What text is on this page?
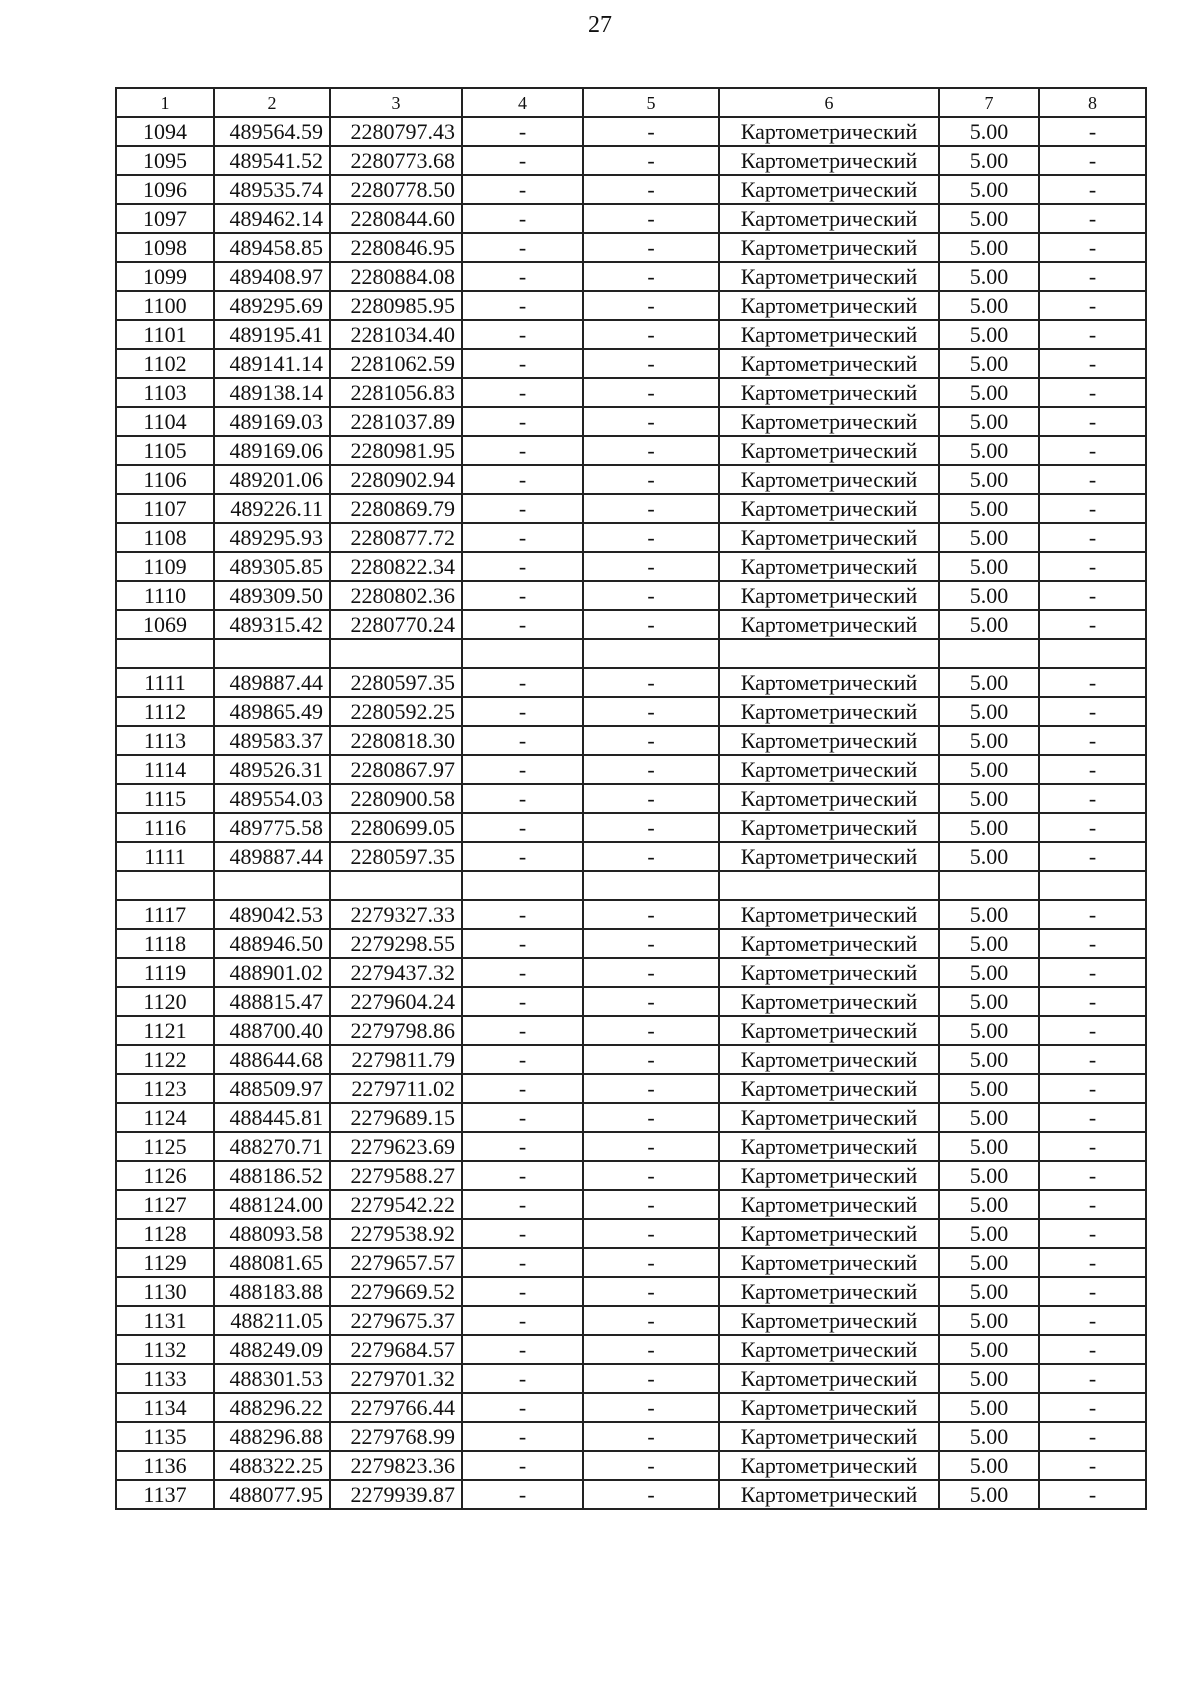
27
1	2	3	4	5	6	7	8
1094	489564.59	2280797.43	-	-	Картометрический	5.00	-
1095	489541.52	2280773.68	-	-	Картометрический	5.00	-
1096	489535.74	2280778.50	-	-	Картометрический	5.00	-
1097	489462.14	2280844.60	-	-	Картометрический	5.00	-
1098	489458.85	2280846.95	-	-	Картометрический	5.00	-
1099	489408.97	2280884.08	-	-	Картометрический	5.00	-
1100	489295.69	2280985.95	-	-	Картометрический	5.00	-
1101	489195.41	2281034.40	-	-	Картометрический	5.00	-
1102	489141.14	2281062.59	-	-	Картометрический	5.00	-
1103	489138.14	2281056.83	-	-	Картометрический	5.00	-
1104	489169.03	2281037.89	-	-	Картометрический	5.00	-
1105	489169.06	2280981.95	-	-	Картометрический	5.00	-
1106	489201.06	2280902.94	-	-	Картометрический	5.00	-
1107	489226.11	2280869.79	-	-	Картометрический	5.00	-
1108	489295.93	2280877.72	-	-	Картометрический	5.00	-
1109	489305.85	2280822.34	-	-	Картометрический	5.00	-
1110	489309.50	2280802.36	-	-	Картометрический	5.00	-
1069	489315.42	2280770.24	-	-	Картометрический	5.00	-

1111	489887.44	2280597.35	-	-	Картометрический	5.00	-
1112	489865.49	2280592.25	-	-	Картометрический	5.00	-
1113	489583.37	2280818.30	-	-	Картометрический	5.00	-
1114	489526.31	2280867.97	-	-	Картометрический	5.00	-
1115	489554.03	2280900.58	-	-	Картометрический	5.00	-
1116	489775.58	2280699.05	-	-	Картометрический	5.00	-
1111	489887.44	2280597.35	-	-	Картометрический	5.00	-

1117	489042.53	2279327.33	-	-	Картометрический	5.00	-
1118	488946.50	2279298.55	-	-	Картометрический	5.00	-
1119	488901.02	2279437.32	-	-	Картометрический	5.00	-
1120	488815.47	2279604.24	-	-	Картометрический	5.00	-
1121	488700.40	2279798.86	-	-	Картометрический	5.00	-
1122	488644.68	2279811.79	-	-	Картометрический	5.00	-
1123	488509.97	2279711.02	-	-	Картометрический	5.00	-
1124	488445.81	2279689.15	-	-	Картометрический	5.00	-
1125	488270.71	2279623.69	-	-	Картометрический	5.00	-
1126	488186.52	2279588.27	-	-	Картометрический	5.00	-
1127	488124.00	2279542.22	-	-	Картометрический	5.00	-
1128	488093.58	2279538.92	-	-	Картометрический	5.00	-
1129	488081.65	2279657.57	-	-	Картометрический	5.00	-
1130	488183.88	2279669.52	-	-	Картометрический	5.00	-
1131	488211.05	2279675.37	-	-	Картометрический	5.00	-
1132	488249.09	2279684.57	-	-	Картометрический	5.00	-
1133	488301.53	2279701.32	-	-	Картометрический	5.00	-
1134	488296.22	2279766.44	-	-	Картометрический	5.00	-
1135	488296.88	2279768.99	-	-	Картометрический	5.00	-
1136	488322.25	2279823.36	-	-	Картометрический	5.00	-
1137	488077.95	2279939.87	-	-	Картометрический	5.00	-
